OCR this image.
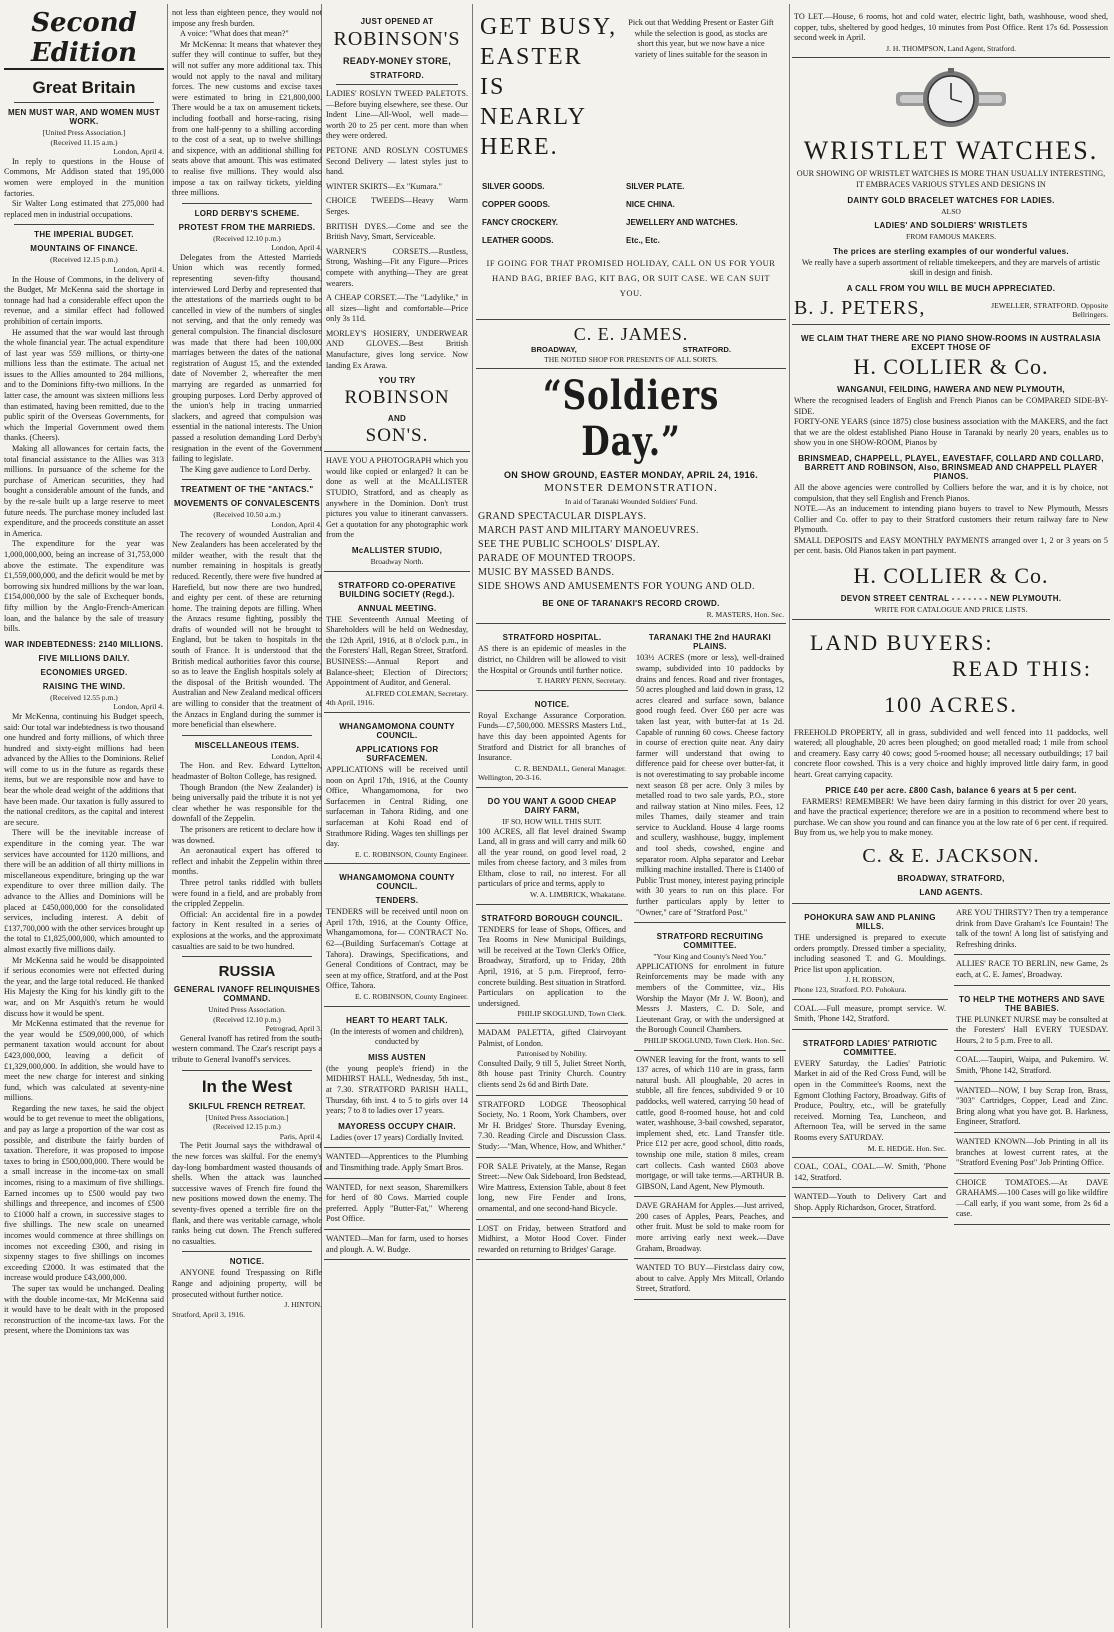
Second Edition
Great Britain
MEN MUST WAR, AND WOMEN MUST WORK.
[United Press Association.]
(Received 11.15 a.m.)
London, April 4.

In reply to questions in the House of Commons, Mr Addison stated that 195,000 women were employed in the munition factories.

Sir Walter Long estimated that 275,000 had replaced men in industrial occupations.

THE IMPERIAL BUDGET.
MOUNTAINS OF FINANCE.
(Received 12.15 p.m.)
London, April 4.

In the House of Commons, in the delivery of the Budget, Mr McKenna said the shortage in tonnage had had a considerable effect upon the revenue, and a similar effect had followed prohibition of certain imports.

He assumed that the war would last through the whole financial year. The actual expenditure of last year was 559 millions, or thirty-one millions less than the estimate. The actual net issues to the Allies amounted to 284 millions, and to the Dominions fifty-two millions. In the latter case, the amount was sixteen millions less than estimated, having been remitted, due to the public spirit of the Overseas Governments, for which the Imperial Government owed them thanks. (Cheers).

Making all allowances for certain facts, the total financial assistance to the Allies was 313 millions. In pursuance of the scheme for the purchase of American securities, they had bought a considerable amount of the funds, and by the re-sale built up a large reserve to meet future needs. The purchase money included last expenditure, and the proceeds constitute an asset in America.

The expenditure for the year was 1,000,000,000, being an increase of 31,753,000 above the estimate. The expenditure was £1,559,000,000, and the deficit would be met by borrowing six hundred millions by the war loan, £154,000,000 by the sale of Exchequer bonds, fifty million by the Anglo-French-American loan, and the balance by the sale of treasury bills.

WAR INDEBTEDNESS: 2140 MILLIONS.
FIVE MILLIONS DAILY.
ECONOMIES URGED.
RAISING THE WIND.
(Received 12.55 p.m.)
London, April 4.

Mr McKenna, continuing his Budget speech, said: Our total war indebtedness is two thousand one hundred and forty millions, of which three hundred and sixty-eight millions had been advanced by the Allies to the Dominions. Relief will come to us in the future as regards these items, but we are responsible now and have to bear the whole dead weight of the additions that have been made. Our taxation is fully assured to the national creditors, as the capital and interest are secure.

There will be the inevitable increase of expenditure in the coming year. The war services have accounted for 1120 millions, and there will be an addition of all thirty millions in miscellaneous expenditure, bringing up the war expenditure to over three million daily. The advance to the Allies and Dominions will be placed at £450,000,000 for the consolidated services, including interest. A debit of £137,700,000 with the other services brought up the total to £1,825,000,000, which amounted to almost exactly five millions daily.

Mr McKenna said he would be disappointed if serious economies were not effected during the year, and the large total reduced. He thanked His Majesty the King for his kindly gift to the war, and on Mr Asquith's return he would discuss how it would be spent.

Mr McKenna estimated that the revenue for the year would be £509,000,000, of which permanent taxation would account for about £423,000,000, leaving a deficit of £1,329,000,000. In addition, she would have to meet the new charge for interest and sinking fund, which was calculated at seventy-nine millions.

Regarding the new taxes, he said the object would be to get revenue to meet the obligations, and pay as large a proportion of the war cost as possible, and distribute the fairly burden of taxation. Therefore, it was proposed to impose taxes to bring in £500,000,000. There would be a small increase in the income-tax on small incomes, rising to a maximum of five shillings. Earned incomes up to £500 would pay two shillings and threepence, and incomes of £500 to £1000 half a crown, in successive stages to five shillings. The new scale on unearned incomes would commence at three shillings on incomes not exceeding £300, and rising in sixpenny stages to five shillings on incomes exceeding £2000. It was estimated that the increase would produce £43,000,000.

The super tax would be unchanged. Dealing with the double income-tax, Mr McKenna said it would have to be dealt with in the proposed reconstruction of the income-tax laws. For the present, where the Dominions tax was

not less than eighteen pence, they would not impose any fresh burden.

A voice: "What does that mean?"

Mr McKenna: It means that whatever they suffer they will continue to suffer, but they will not suffer any more additional tax. This would not apply to the naval and military forces. The new customs and excise taxes were estimated to bring in £21,800,000. There would be a tax on amusement tickets, including football and horse-racing, rising from one half-penny to a shilling according to the cost of a seat, up to twelve shillings and sixpence, with an additional shilling for seats above that amount. This was estimated to realise five millions. They would also impose a tax on railway tickets, yielding three millions.

LORD DERBY'S SCHEME.
PROTEST FROM THE MARRIEDS.
(Received 12.10 p.m.)
London, April 4.

Delegates from the Attested Marrieds Union which was recently formed, representing seven-fifty thousand, interviewed Lord Derby and represented that the attestations of the marrieds ought to be cancelled in view of the numbers of singles not serving, and that the only remedy was general compulsion. The financial disclosure was made that there had been 100,000 marriages between the dates of the national registration of August 15, and the extended date of November 2, whereafter the men marrying are regarded as unmarried for grouping purposes. Lord Derby approved of the union's help in tracing unmarried slackers, and agreed that compulsion was essential in the national interests. The Union passed a resolution demanding Lord Derby's resignation in the event of the Government failing to legislate.

The King gave audience to Lord Derby.

TREATMENT OF THE "ANTACS."
MOVEMENTS OF CONVALESCENTS
(Received 10.50 a.m.)
London, April 4.

The recovery of wounded Australian and New Zealanders has been accelerated by the milder weather, with the result that the number remaining in hospitals is greatly reduced. Recently, there were five hundred at Harefield, but now there are two hundred, and eighty per cent. of these are returning home. The training depots are filling. When the Anzacs resume fighting, possibly the drafts of wounded will not be brought to England, but be taken to hospitals in the south of France. It is understood that the British medical authorities favor this course, so as to leave the English hospitals solely at the disposal of the British wounded. The Australian and New Zealand medical officers are willing to consider that the treatment of the Anzacs in England during the summer is more beneficial than elsewhere.

MISCELLANEOUS ITEMS.
London, April 4.

The Hon. and Rev. Edward Lyttelton, headmaster of Bolton College, has resigned.

Though Brandon (the New Zealander) is being universally paid the tribute it is not yet clear whether he was responsible for the downfall of the Zeppelin.

The prisoners are reticent to declare how it was downed.

An aeronautical expert has offered to reflect and inhabit the Zeppelin within three months.

Three petrol tanks riddled with bullets were found in a field, and are probably from the crippled Zeppelin.

Official: An accidental fire in a powder factory in Kent resulted in a series of explosions at the works, and the approximate casualties are said to be two hundred.

RUSSIA
GENERAL IVANOFF RELINQUISHES COMMAND.
United Press Association.
(Received 12.10 p.m.)
Petrograd, April 3.

General Ivanoff has retired from the south-western command. The Czar's rescript pays a tribute to General Ivanoff's services.

In the West
SKILFUL FRENCH RETREAT.
[United Press Association.]
(Received 12.15 p.m.)
Paris, April 4.

The Petit Journal says the withdrawal of the new forces was skilful. For the enemy's day-long bombardment wasted thousands of shells. When the attack was launched successive waves of French fire found the new positions mowed down the enemy. The seventy-fives opened a terrible fire on the flank, and there was veritable carnage, whole ranks being cut down. The French suffered no casualties.

NOTICE.

ANYONE found Trespassing on Rifle Range and adjoining property, will be prosecuted without further notice.

J. HINTON.
Stratford, April 3, 1916.
JUST OPENED AT
ROBINSON'S
READY-MONEY STORE,
STRATFORD.

LADIES' ROSLYN TWEED PALETOTS.—Before buying elsewhere, see these. Our Indent Line—All-Wool, well made—worth 20 to 25 per cent. more than when they were ordered.

PETONE AND ROSLYN COSTUMES Second Delivery — latest styles just to hand.

WINTER SKIRTS—Ex "Kumara."

CHOICE TWEEDS—Heavy Warm Serges.

BRITISH DYES.—Come and see the British Navy, Smart, Serviceable.

WARNER'S CORSETS.—Rustless, Strong, Washing—Fit any Figure—Prices compete with anything—They are great wearers.

A CHEAP CORSET.—The "Ladylike," in all sizes—light and comfortable—Price only 3s 11d.

MORLEY'S HOSIERY, UNDERWEAR AND GLOVES.—Best British Manufacture, gives long service. Now landing Ex Arawa.

YOU TRY
ROBINSON
AND
SON'S.

HAVE YOU A PHOTOGRAPH which you would like copied or enlarged? It can be done as well at the McALLISTER STUDIO, Stratford, and as cheaply as anywhere in the Dominion. Don't trust pictures you value to itinerant canvassers. Get a quotation for any photographic work from the

McALLISTER STUDIO,
Broadway North.
STRATFORD CO-OPERATIVE BUILDING SOCIETY (Regd.).
ANNUAL MEETING.

THE Seventeenth Annual Meeting of Shareholders will be held on Wednesday, the 12th April, 1916, at 8 o'clock p.m., in the Foresters' Hall, Regan Street, Stratford. BUSINESS:—Annual Report and Balance-sheet; Election of Directors; Appointment of Auditor, and General.

ALFRED COLEMAN, Secretary.
4th April, 1916.
WHANGAMOMONA COUNTY COUNCIL.
APPLICATIONS FOR SURFACEMEN.

APPLICATIONS will be received until noon on April 17th, 1916, at the County Office, Whangamomona, for two Surfacemen in Central Riding, one surfaceman in Tahora Riding, and one surfaceman at Kohi Road end of Strathmore Riding. Wages ten shillings per day.

E. C. ROBINSON, County Engineer.
WHANGAMOMONA COUNTY COUNCIL.
TENDERS.

TENDERS will be received until noon on April 17th, 1916, at the County Office, Whangamomona, for— CONTRACT No. 62—(Building Surfaceman's Cottage at Tahora). Drawings, Specifications, and General Conditions of Contract, may be seen at my office, Stratford, and at the Post Office, Tahora.

E. C. ROBINSON, County Engineer.
HEART TO HEART TALK.

(In the interests of women and children), conducted by

MISS AUSTEN

(the young people's friend) in the MIDHIRST HALL, Wednesday, 5th inst., at 7.30. STRATFORD PARISH HALL, Thursday, 6th inst. 4 to 5 to girls over 14 years; 7 to 8 to ladies over 17 years.

MAYORESS OCCUPY CHAIR.

Ladies (over 17 years) Cordially Invited.

WANTED—Apprentices to the Plumbing and Tinsmithing trade. Apply Smart Bros.

WANTED, for next season, Sharemilkers for herd of 80 Cows. Married couple preferred. Apply "Butter-Fat," Whereng Post Office.

WANTED—Man for farm, used to horses and plough. A. W. Budge.

GET BUSY,
EASTER
IS
NEARLY
HERE.
Pick out that Wedding Present or Easter Gift while the selection is good, as stocks are short this year, but we now have a nice variety of lines suitable for the season in
SILVER GOODS.
COPPER GOODS.
FANCY CROCKERY.
LEATHER GOODS.
SILVER PLATE.
NICE CHINA.
JEWELLERY AND WATCHES.
Etc., Etc.
IF GOING FOR THAT PROMISED HOLIDAY, CALL ON US FOR YOUR HAND BAG, BRIEF BAG, KIT BAG, OR SUIT CASE. WE CAN SUIT YOU.
C. E. JAMES.
BROADWAY,	STRATFORD.
THE NOTED SHOP FOR PRESENTS OF ALL SORTS.
“Soldiers Day.”
ON SHOW GROUND, EASTER MONDAY, APRIL 24, 1916.
MONSTER DEMONSTRATION.
In aid of Taranaki Wounded Soldiers' Fund.
GRAND SPECTACULAR DISPLAYS.
MARCH PAST AND MILITARY MANOEUVRES.
SEE THE PUBLIC SCHOOLS' DISPLAY.
PARADE OF MOUNTED TROOPS.
MUSIC BY MASSED BANDS.
SIDE SHOWS AND AMUSEMENTS FOR YOUNG AND OLD.
BE ONE OF TARANAKI'S RECORD CROWD.
R. MASTERS, Hon. Sec.
STRATFORD HOSPITAL.

AS there is an epidemic of measles in the district, no Children will be allowed to visit the Hospital or Grounds until further notice.

T. HARRY PENN, Secretary.
NOTICE.

Royal Exchange Assurance Corporation. Funds—£7,500,000. MESSRS Masters Ltd., have this day been appointed Agents for Stratford and District for all branches of Insurance.

C. R. BENDALL, General Manager.
Wellington, 20-3-16.
DO YOU WANT A GOOD CHEAP DAIRY FARM,
IF SO, HOW WILL THIS SUIT.

100 ACRES, all flat level drained Swamp Land, all in grass and will carry and milk 60 all the year round, on good level road, 2 miles from cheese factory, and 3 miles from Eltham, close to rail, no interest. For all particulars of price and terms, apply to

W. A. LIMBRICK, Whakatane.
STRATFORD BOROUGH COUNCIL.

TENDERS for lease of Shops, Offices, and Tea Rooms in New Municipal Buildings, will be received at the Town Clerk's Office, Broadway, Stratford, up to Friday, 28th April, 1916, at 5 p.m. Fireproof, ferro-concrete building. Best situation in Stratford. Particulars on application to the undersigned.

PHILIP SKOGLUND, Town Clerk.

MADAM PALETTA, gifted Clairvoyant Palmist, of London.

Patronised by Nobility.

Consulted Daily, 9 till 5, Juliet Street North, 8th house past Trinity Church. Country clients send 2s 6d and Birth Date.

STRATFORD LODGE Theosophical Society, No. 1 Room, York Chambers, over Mr H. Bridges' Store. Thursday Evening, 7.30. Reading Circle and Discussion Class. Study:—"Man, Whence, How, and Whither."

FOR SALE Privately, at the Manse, Regan Street:—New Oak Sideboard, Iron Bedstead, Wire Mattress, Extension Table, about 8 feet long, new Fire Fender and Irons, ornamental, and one second-hand Bicycle.

LOST on Friday, between Stratford and Midhirst, a Motor Hood Cover. Finder rewarded on returning to Bridges' Garage.

TARANAKI THE 2nd HAURAKI PLAINS.

103½ ACRES (more or less), well-drained swamp, subdivided into 10 paddocks by drains and fences. Road and river frontages, 50 acres ploughed and laid down in grass, 12 acres cleared and surface sown, balance good rough feed. Over £60 per acre was taken last year, with butter-fat at 1s 2d. Capable of running 60 cows. Cheese factory in course of erection quite near. Any dairy farmer will understand that owing to difference paid for cheese over butter-fat, it is not overestimating to say probable income next season £8 per acre. Only 3 miles by metalled road to two sale yards, P.O., store and railway station at Nino miles. Fees, 12 miles Thames, daily steamer and train service to Auckland. House 4 large rooms and scullery, washhouse, buggy, implement and tool sheds, cowshed, engine and separator room. Alpha separator and Leebar milking machine installed. There is £1400 of Public Trust money, interest paying principle with 30 years to run on this place. For further particulars apply by letter to "Owner," care of "Stratford Post."

STRATFORD RECRUITING COMMITTEE.
"Your King and County's Need You."

APPLICATIONS for enrolment in future Reinforcements may be made with any members of the Committee, viz., His Worship the Mayor (Mr J. W. Boon), and Messrs J. Masters, C. D. Sole, and Lieutenant Gray, or with the undersigned at the Borough Council Chambers.

PHILIP SKOGLUND, Town Clerk. Hon. Sec.

OWNER leaving for the front, wants to sell 137 acres, of which 110 are in grass, farm natural bush. All ploughable, 20 acres in stubble, all fire fences, subdivided 9 or 10 paddocks, well watered, carrying 50 head of cattle, good 8-roomed house, hot and cold water, washhouse, 3-bail cowshed, separator, implement shed, etc. Land Transfer title. Price £12 per acre, good school, ditto roads, township one mile, station 8 miles, cream cart collects. Cash wanted £603 above mortgage, or will take terms.—ARTHUR B. GIBSON, Land Agent, New Plymouth.

DAVE GRAHAM for Apples.—Just arrived, 200 cases of Apples, Pears, Peaches, and other fruit. Must be sold to make room for more arriving early next week.—Dave Graham, Broadway.

WANTED TO BUY—Firstclass dairy cow, about to calve. Apply Mrs Mitcall, Orlando Street, Stratford.

TO LET.—House, 6 rooms, hot and cold water, electric light, bath, washhouse, wood shed, copper, tubs, sheltered by good hedges, 10 minutes from Post Office. Rent 17s 6d. Possession second week in April.

J. H. THOMPSON, Land Agent, Stratford.
WRISTLET WATCHES.

OUR SHOWING OF WRISTLET WATCHES IS MORE THAN USUALLY INTERESTING, IT EMBRACES VARIOUS STYLES AND DESIGNS IN

DAINTY GOLD BRACELET WATCHES FOR LADIES.
ALSO
LADIES' AND SOLDIERS' WRISTLETS
FROM FAMOUS MAKERS.
The prices are sterling examples of our wonderful values.

We really have a superb assortment of reliable timekeepers, and they are marvels of artistic skill in design and finish.

A CALL FROM YOU WILL BE MUCH APPRECIATED.
B. J. PETERS,	JEWELLER, STRATFORD. Opposite Bellringers.
WE CLAIM THAT THERE ARE NO PIANO SHOW-ROOMS IN AUSTRALASIA EXCEPT THOSE OF
H. COLLIER & Co.
WANGANUI, FEILDING, HAWERA AND NEW PLYMOUTH,

Where the recognised leaders of English and French Pianos can be COMPARED SIDE-BY-SIDE.

FORTY-ONE YEARS (since 1875) close business association with the MAKERS, and the fact that we are the oldest established Piano House in Taranaki by nearly 20 years, enables us to show you in one SHOW-ROOM, Pianos by

BRINSMEAD, CHAPPELL, PLAYEL, EAVESTAFF, COLLARD AND COLLARD, BARRETT AND ROBINSON, Also, BRINSMEAD AND CHAPPELL PLAYER PIANOS.

All the above agencies were controlled by Colliers before the war, and it is by choice, not compulsion, that they sell English and French Pianos.

NOTE.—As an inducement to intending piano buyers to travel to New Plymouth, Messrs Collier and Co. offer to pay to their Stratford customers their return railway fare to New Plymouth.

SMALL DEPOSITS and EASY MONTHLY PAYMENTS arranged over 1, 2 or 3 years on 5 per cent. basis. Old Pianos taken in part payment.

H. COLLIER & Co.
DEVON STREET CENTRAL - - - - - - - NEW PLYMOUTH.
WRITE FOR CATALOGUE AND PRICE LISTS.
LAND BUYERS:
READ THIS:
100 ACRES.

FREEHOLD PROPERTY, all in grass, subdivided and well fenced into 11 paddocks, well watered; all ploughable, 20 acres been ploughed; on good metalled road; 1 mile from school and creamery. Easy carry 40 cows; good 5-roomed house; all necessary outbuildings; 17 bail concrete floor cowshed. This is a very choice and highly improved little dairy farm, in good heart. Great carrying capacity.

PRICE £40 per acre. £800 Cash, balance 6 years at 5 per cent.

FARMERS! REMEMBER! We have been dairy farming in this district for over 20 years, and have the practical experience; therefore we are in a position to recommend where best to purchase. We can show you round and can finance you at the low rate of 6 per cent. if required. Buy from us, we help you to make money.

C. & E. JACKSON.
BROADWAY, STRATFORD,
LAND AGENTS.
POHOKURA SAW AND PLANING MILLS.

THE undersigned is prepared to execute orders promptly. Dressed timber a speciality, including seasoned T. and G. Mouldings. Price list upon application.

J. H. ROBSON,
Phone 123, Stratford. P.O. Pohokura.

COAL.—Full measure, prompt service. W. Smith, 'Phone 142, Stratford.

STRATFORD LADIES' PATRIOTIC COMMITTEE.

EVERY Saturday, the Ladies' Patriotic Market in aid of the Red Cross Fund, will be open in the Committee's Rooms, next the Egmont Clothing Factory, Broadway. Gifts of Produce, Poultry, etc., will be gratefully received. Morning Tea, Luncheon, and Afternoon Tea, will be served in the same Rooms every SATURDAY.

M. E. HEDGE. Hon. Sec.

COAL, COAL, COAL.—W. Smith, 'Phone 142, Stratford.

WANTED—Youth to Delivery Cart and Shop. Apply Richardson, Grocer, Stratford.

ARE YOU THIRSTY? Then try a temperance drink from Dave Graham's Ice Fountain! The talk of the town! A long list of satisfying and Refreshing drinks.

ALLIES' RACE TO BERLIN, new Game, 2s each, at C. E. James', Broadway.

TO HELP THE MOTHERS AND SAVE THE BABIES.

THE PLUNKET NURSE may be consulted at the Foresters' Hall EVERY TUESDAY. Hours, 2 to 5 p.m. Free to all.

COAL.—Taupiri, Waipa, and Pukemiro. W. Smith, 'Phone 142, Stratford.

WANTED—NOW, I buy Scrap Iron, Brass, "303" Cartridges, Copper, Lead and Zinc. Bring along what you have got. B. Harkness, Engineer, Stratford.

WANTED KNOWN—Job Printing in all its branches at lowest current rates, at the "Stratford Evening Post" Job Printing Office.

CHOICE TOMATOES.—At DAVE GRAHAMS.—100 Cases will go like wildfire—Call early, if you want some, from 2s 6d a case.
